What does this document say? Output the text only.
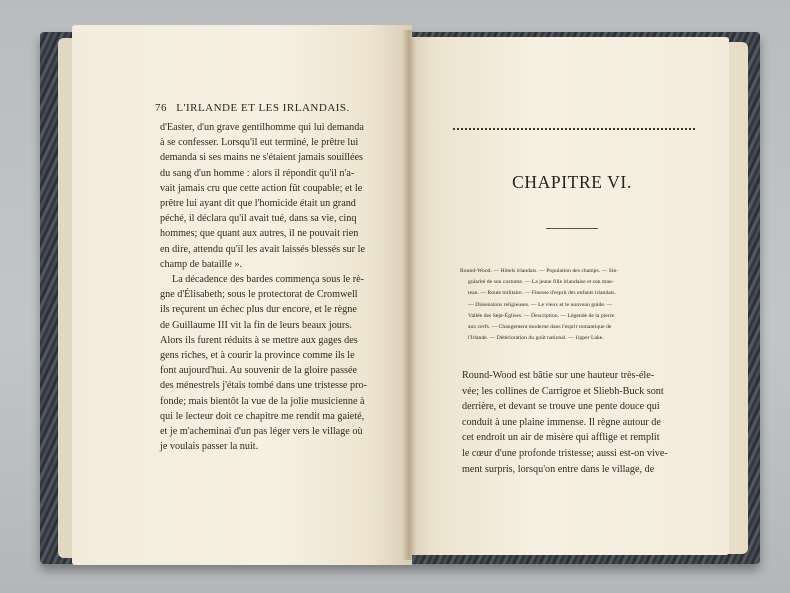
76 L'IRLANDE ET LES IRLANDAIS.

d'Easter, d'un grave gentilhomme qui lui demanda

à se confesser. Lorsqu'il eut terminé, le prêtre lui

demanda si ses mains ne s'étaient jamais souillées

du sang d'un homme : alors il répondit qu'il n'a-

vait jamais cru que cette action fût coupable; et le

prêtre lui ayant dit que l'homicide était un grand

péché, il déclara qu'il avait tué, dans sa vie, cinq

hommes; que quant aux autres, il ne pouvait rien

en dire, attendu qu'il les avait laissés blessés sur le

champ de bataille ».

La décadence des bardes commença sous le rè-

gne d'Élisabeth; sous le protectorat de Cromwell

ils reçurent un échec plus dur encore, et le règne

de Guillaume III vit la fin de leurs beaux jours.

Alors ils furent réduits à se mettre aux gages des

gens riches, et à courir la province comme ils le

font aujourd'hui. Au souvenir de la gloire passée

des ménestrels j'étais tombé dans une tristesse pro-

fonde; mais bientôt la vue de la jolie musicienne à

qui le lecteur doit ce chapitre me rendit ma gaieté,

et je m'acheminai d'un pas léger vers le village où

je voulais passer la nuit.

CHAPITRE VI.

Round-Wood. — Hôtels irlandais. — Population des champs. — Sin-

gularité de son costume. — La jeune fille irlandaise et son man-

teau. — Route militaire. — Finesse d'esprit des enfants irlandais.

— Dissensions religieuses. — Le vieux et le nouveau guide. —

Vallée des Sept-Églises. — Description. — Légende de la pierre

aux cerfs. — Changement moderne dans l'esprit romantique de

l'Irlande. — Détérioration du goût national. — Upper Lake.

Round-Wood est bâtie sur une hauteur très-éle-

vée; les collines de Carrigroe et Sliebh-Buck sont

derrière, et devant se trouve une pente douce qui

conduit à une plaine immense. Il règne autour de

cet endroit un air de misère qui afflige et remplit

le cœur d'une profonde tristesse; aussi est-on vive-

ment surpris, lorsqu'on entre dans le village, de
